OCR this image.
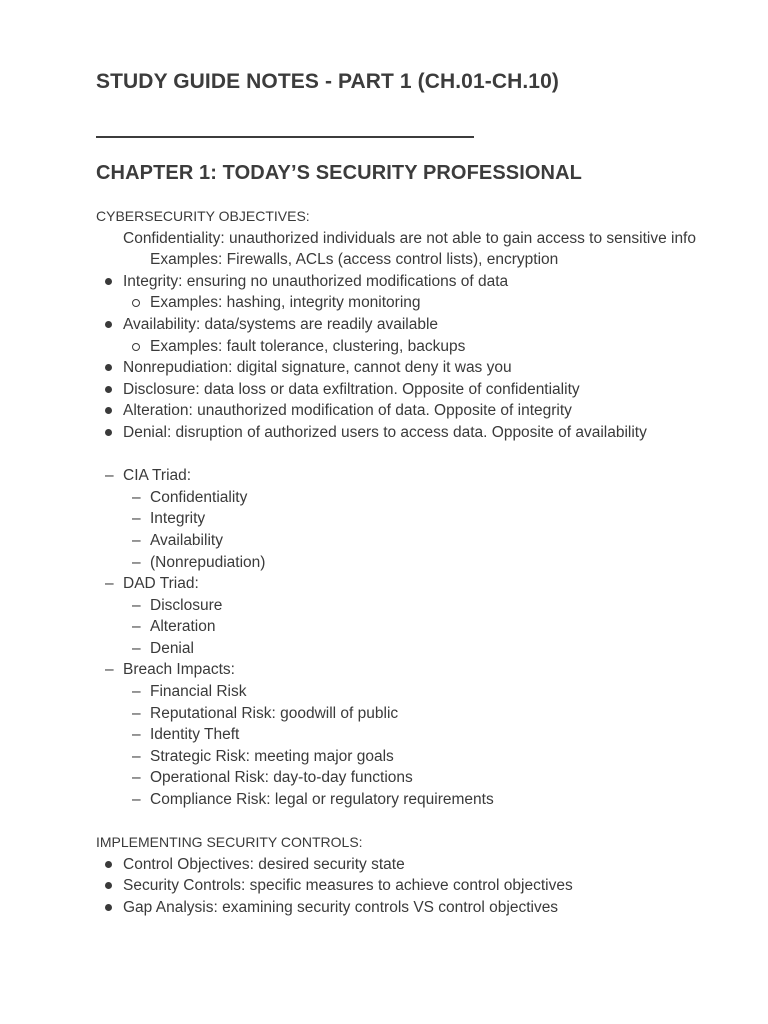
STUDY GUIDE NOTES - PART 1 (CH.01-CH.10)
CHAPTER 1: TODAY’S SECURITY PROFESSIONAL
CYBERSECURITY OBJECTIVES:
Confidentiality: unauthorized individuals are not able to gain access to sensitive info
Examples: Firewalls, ACLs (access control lists), encryption
Integrity: ensuring no unauthorized modifications of data
Examples: hashing, integrity monitoring
Availability: data/systems are readily available
Examples: fault tolerance, clustering, backups
Nonrepudiation: digital signature, cannot deny it was you
Disclosure: data loss or data exfiltration. Opposite of confidentiality
Alteration: unauthorized modification of data. Opposite of integrity
Denial: disruption of authorized users to access data. Opposite of availability
– CIA Triad:
– Confidentiality
– Integrity
– Availability
– (Nonrepudiation)
– DAD Triad:
– Disclosure
– Alteration
– Denial
– Breach Impacts:
– Financial Risk
– Reputational Risk: goodwill of public
– Identity Theft
– Strategic Risk: meeting major goals
– Operational Risk: day-to-day functions
– Compliance Risk: legal or regulatory requirements
IMPLEMENTING SECURITY CONTROLS:
Control Objectives: desired security state
Security Controls: specific measures to achieve control objectives
Gap Analysis: examining security controls VS control objectives
